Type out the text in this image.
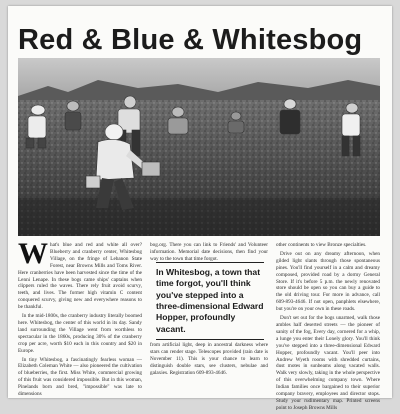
Red & Blue & Whitesbog

W hat's blue and red and white all over? Blueberry and cranberry center, Whitesbog Village, on the fringe of Lebanon State Forest, near Browns Mills and Toms River. Here cranberries have been harvested since the time of the Lenni Lenape. In these bogs came ships' captains when clippers ruled the waves. There rely fruit avoid scurvy, teeth, and lives. The former high vitamin C content conquered scurvy, giving new and everywhere reasons to be thankful.

In the mid-1800s, the cranberry industry literally boomed here. Whitesbog, the center of this world in its day. Sandy land surrounding the Village went from worthless to spectacular in the 1860s, producing 30% of the cranberry crop per acre, worth $10 each in this country and $20 in Europe.

In tiny Whitesbog, a fascinatingly fearless woman — Elizabeth Coleman White — also pioneered the cultivation of blueberries, the first. Miss White, commercial growing of this fruit was considered impossible. But in this woman, Pinelands born and bred, "impossible" was late to dimensions

bog.org. There you can link to Friends' and Volunteer information. Memorial date decisions, then find your way to the town that time forgot.

In Whitesbog, a town that time forgot, you'll think you've stepped into a three-dimensional Edward Hopper, profoundly vacant.

from artificial light, deep in ancestral darkness where stars can render stage. Telescopes provided (rain date is November 11). This is your chance to learn to distinguish double stars, see clusters, nebulae and galaxies. Registration 609-893-4646.

other continents to view Bronze specialties.

Drive out on any dreamy afternoon, when gilded light slants through those spontaneous pines. You'll find yourself in a calm and dreamy composed, provided road by a dormy General Store. If it's before 5 p.m. the newly renovated store should be open so you can buy a guide to the old driving tour. For more in advance, call 609-893-4646. If not open, panphlets elsewhere, but you're on your own in these roads.

Don't set out for the bogs unarmed, walk those ambles half deserted streets — the pioneer of sanity of the fog, Every day, cornered for a whip, a lunge you enter their Lonely glory. You'll think you've stepped into a three-dimensional Edward Hopper, profoundly vacant. You'll peer into Andrew Wyeth rooms with shredded curtains, dust motes in sunbeams along vacated walls. Walk very slowly, taking in the whole perspective of this overwhelming company town. Where Indian families once bargained to their superior company bravery, employees and director stops. Study your rudimentary map. Printed screens point to Joseph Browns Mills
